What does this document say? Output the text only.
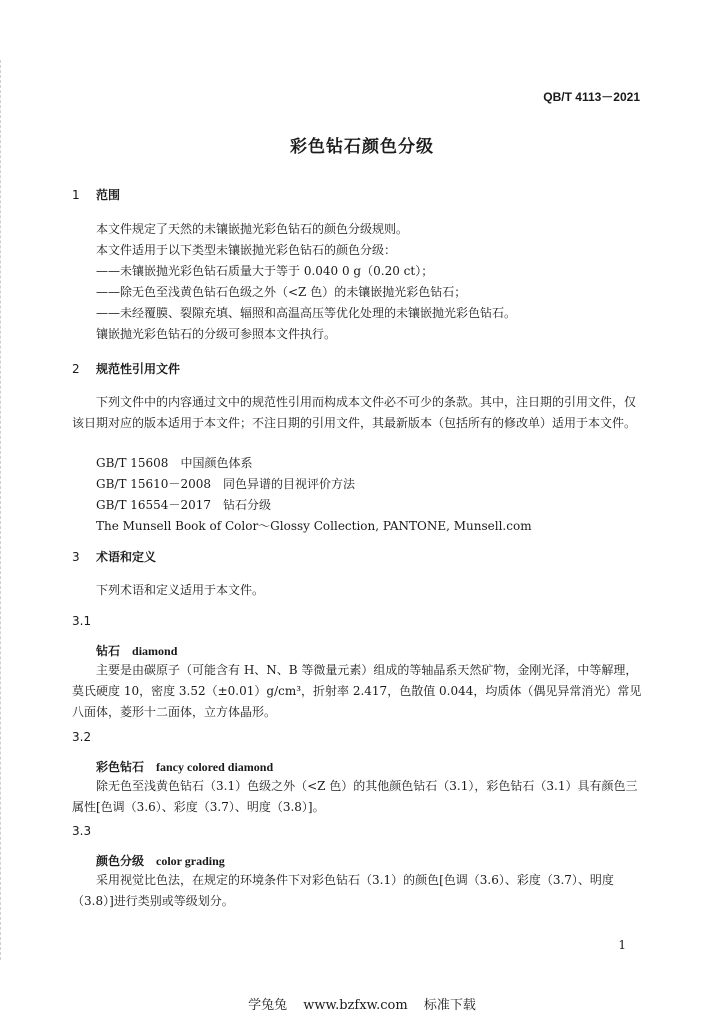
QB/T 4113－2021
彩色钻石颜色分级
1 范围
本文件规定了天然的未镶嵌抛光彩色钻石的颜色分级规则。
本文件适用于以下类型未镶嵌抛光彩色钻石的颜色分级：
——未镶嵌抛光彩色钻石质量大于等于 0.040 0 g（0.20 ct）；
——除无色至浅黄色钻石色级之外（<Z 色）的未镶嵌抛光彩色钻石；
——未经覆膜、裂隙充填、辐照和高温高压等优化处理的未镶嵌抛光彩色钻石。
镶嵌抛光彩色钻石的分级可参照本文件执行。
2 规范性引用文件
下列文件中的内容通过文中的规范性引用而构成本文件必不可少的条款。其中，注日期的引用文件，仅该日期对应的版本适用于本文件；不注日期的引用文件，其最新版本（包括所有的修改单）适用于本文件。
GB/T 15608　中国颜色体系
GB/T 15610－2008　同色异谱的目视评价方法
GB/T 16554－2017　钻石分级
The Munsell Book of Color～Glossy Collection, PANTONE, Munsell.com
3 术语和定义
下列术语和定义适用于本文件。
3.1
钻石 diamond
主要是由碳原子（可能含有 H、N、B 等微量元素）组成的等轴晶系天然矿物，金刚光泽，中等解理，莫氏硬度 10，密度 3.52（±0.01）g/cm³，折射率 2.417，色散值 0.044，均质体（偶见异常消光）常见八面体，菱形十二面体，立方体晶形。
3.2
彩色钻石 fancy colored diamond
除无色至浅黄色钻石（3.1）色级之外（<Z 色）的其他颜色钻石（3.1），彩色钻石（3.1）具有颜色三属性[色调（3.6）、彩度（3.7）、明度（3.8）]。
3.3
颜色分级 color grading
采用视觉比色法，在规定的环境条件下对彩色钻石（3.1）的颜色[色调（3.6）、彩度（3.7）、明度（3.8）]进行类别或等级划分。
1
学兔兔 www.bzfxw.com 标准下载
